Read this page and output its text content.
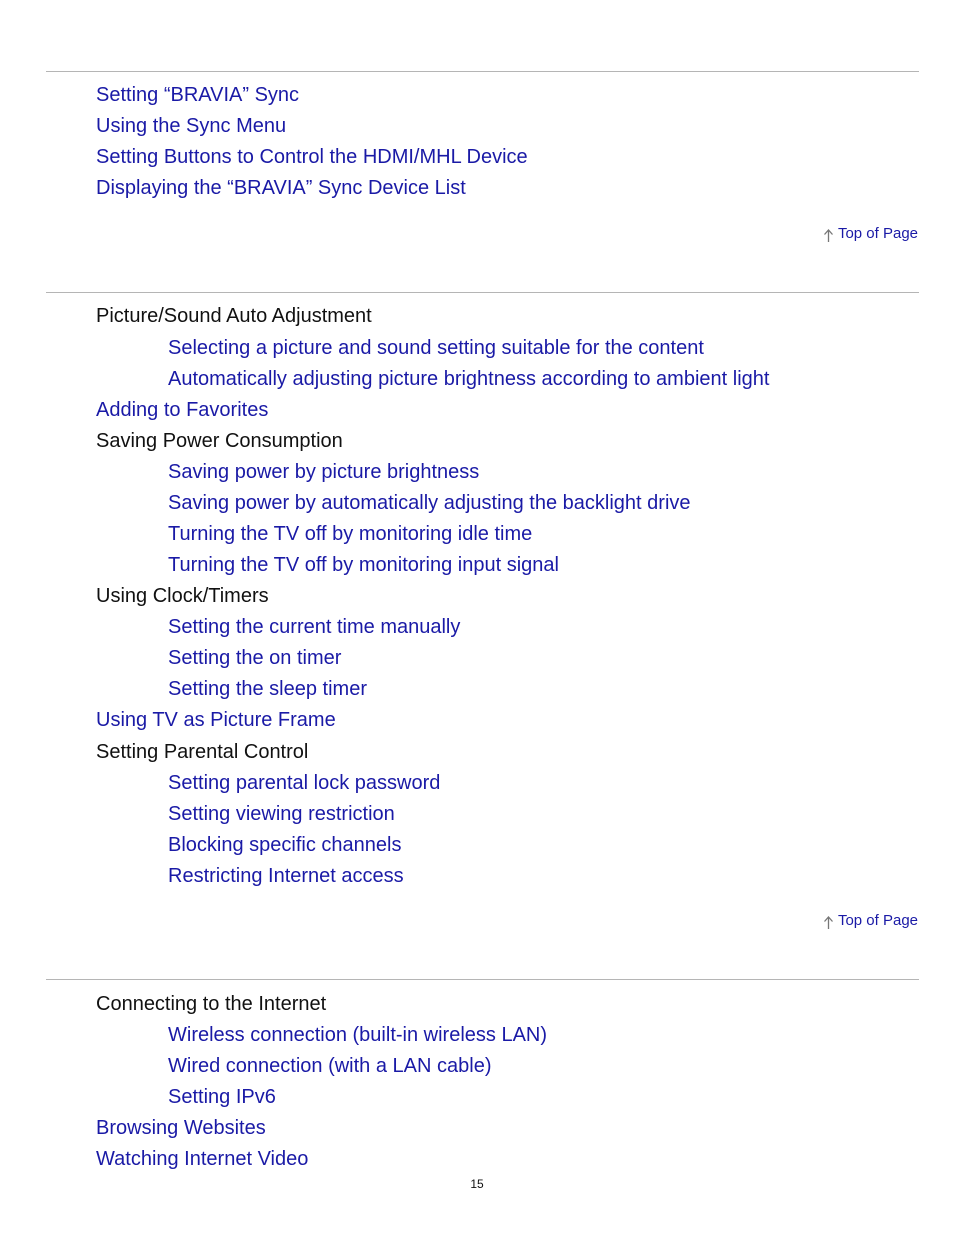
Setting “BRAVIA” Sync
Using the Sync Menu
Setting Buttons to Control the HDMI/MHL Device
Displaying the “BRAVIA” Sync Device List
Top of Page
Picture/Sound Auto Adjustment
Selecting a picture and sound setting suitable for the content
Automatically adjusting picture brightness according to ambient light
Adding to Favorites
Saving Power Consumption
Saving power by picture brightness
Saving power by automatically adjusting the backlight drive
Turning the TV off by monitoring idle time
Turning the TV off by monitoring input signal
Using Clock/Timers
Setting the current time manually
Setting the on timer
Setting the sleep timer
Using TV as Picture Frame
Setting Parental Control
Setting parental lock password
Setting viewing restriction
Blocking specific channels
Restricting Internet access
Top of Page
Connecting to the Internet
Wireless connection (built-in wireless LAN)
Wired connection (with a LAN cable)
Setting IPv6
Browsing Websites
Watching Internet Video
15
